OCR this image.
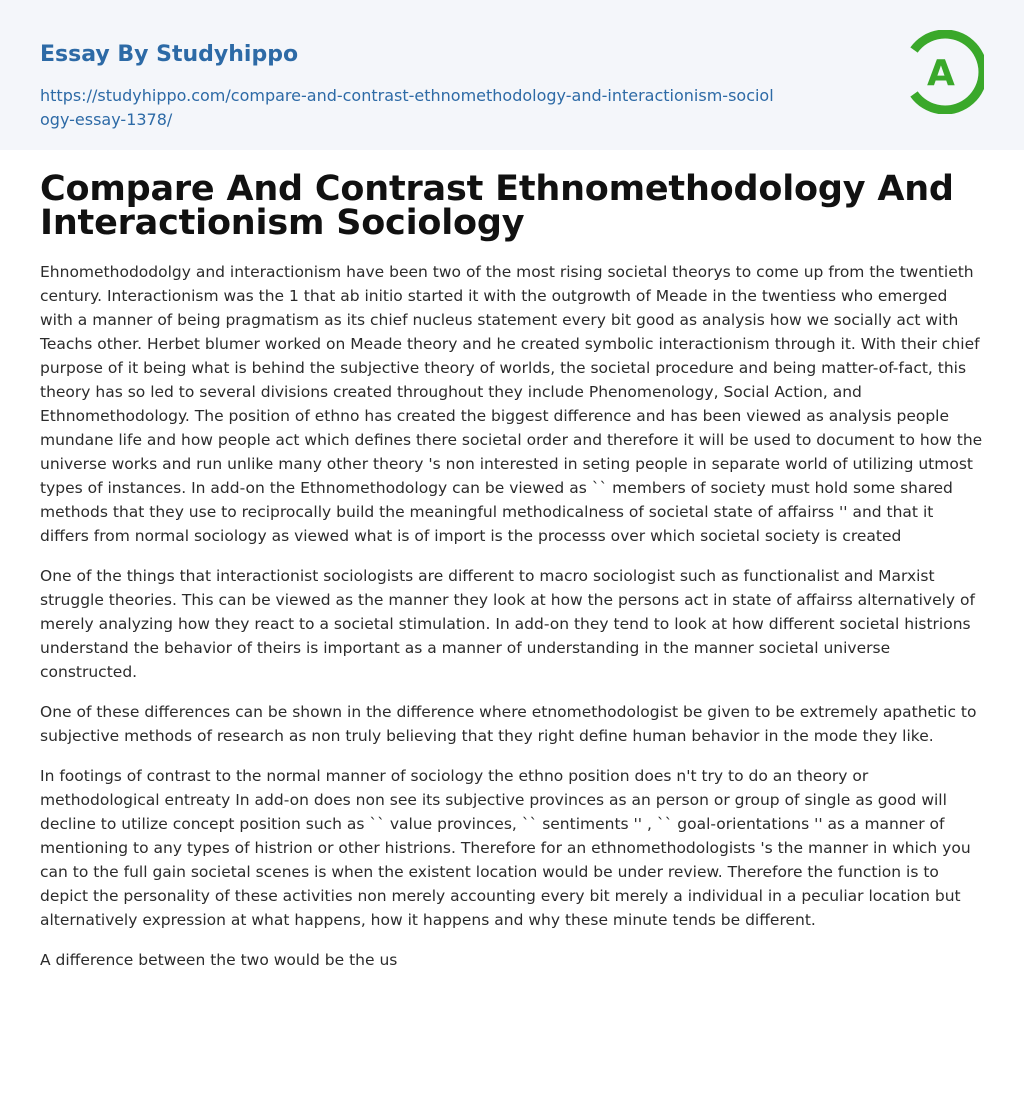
Essay By Studyhippo
https://studyhippo.com/compare-and-contrast-ethnomethodology-and-interactionism-sociology-essay-1378/
A
Compare And Contrast Ethnomethodology And Interactionism Sociology

Ehnomethododolgy and interactionism have been two of the most rising societal theorys to come up from the twentieth century. Interactionism was the 1 that ab initio started it with the outgrowth of Meade in the twentiess who emerged with a manner of being pragmatism as its chief nucleus statement every bit good as analysis how we socially act with Teachs other. Herbet blumer worked on Meade theory and he created symbolic interactionism through it. With their chief purpose of it being what is behind the subjective theory of worlds, the societal procedure and being matter-of-fact, this theory has so led to several divisions created throughout they include Phenomenology, Social Action, and Ethnomethodology. The position of ethno has created the biggest difference and has been viewed as analysis people mundane life and how people act which defines there societal order and therefore it will be used to document to how the universe works and run unlike many other theory 's non interested in seting people in separate world of utilizing utmost types of instances. In add-on the Ethnomethodology can be viewed as `` members of society must hold some shared methods that they use to reciprocally build the meaningful methodicalness of societal state of affairss '' and that it differs from normal sociology as viewed what is of import is the processs over which societal society is created

One of the things that interactionist sociologists are different to macro sociologist such as functionalist and Marxist struggle theories. This can be viewed as the manner they look at how the persons act in state of affairss alternatively of merely analyzing how they react to a societal stimulation. In add-on they tend to look at how different societal histrions understand the behavior of theirs is important as a manner of understanding in the manner societal universe constructed.

One of these differences can be shown in the difference where etnomethodologist be given to be extremely apathetic to subjective methods of research as non truly believing that they right define human behavior in the mode they like.

In footings of contrast to the normal manner of sociology the ethno position does n't try to do an theory or methodological entreaty In add-on does non see its subjective provinces as an person or group of single as good will decline to utilize concept position such as `` value provinces, `` sentiments '' , `` goal-orientations '' as a manner of mentioning to any types of histrion or other histrions. Therefore for an ethnomethodologists 's the manner in which you can to the full gain societal scenes is when the existent location would be under review. Therefore the function is to depict the personality of these activities non merely accounting every bit merely a individual in a peculiar location but alternatively expression at what happens, how it happens and why these minute tends be different.

A difference between the two would be the us
